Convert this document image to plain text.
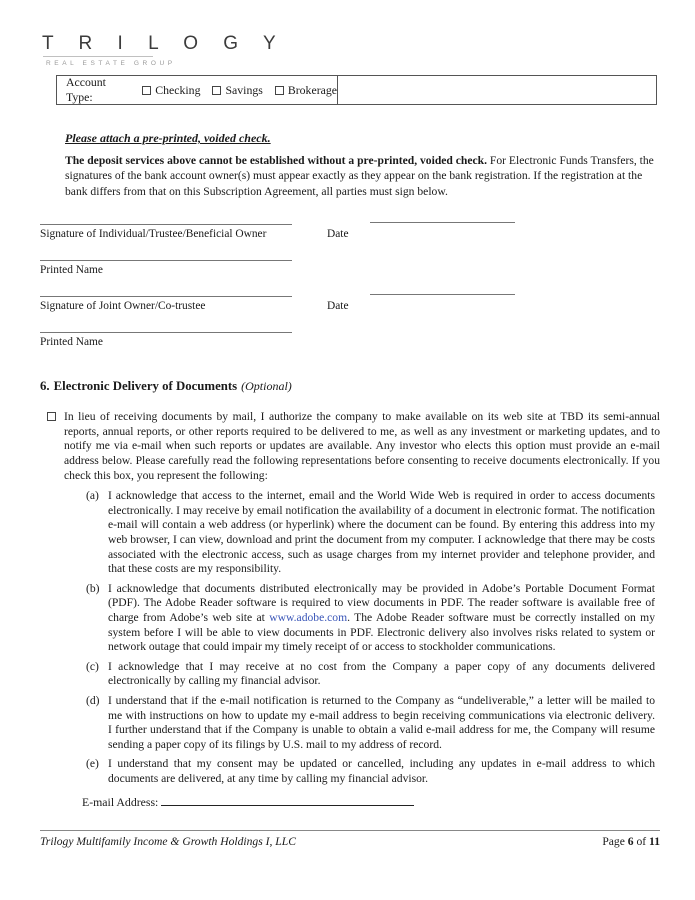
T R I L O G Y
REAL ESTATE GROUP
Account Type:
Checking	Savings	Brokerage
Please attach a pre-printed, voided check.
The deposit services above cannot be established without a pre-printed, voided check. For Electronic Funds Transfers, the signatures of the bank account owner(s) must appear exactly as they appear on the bank registration. If the registration at the bank differs from that on this Subscription Agreement, all parties must sign below.
Signature of Individual/Trustee/Beneficial Owner	Date
Printed Name
Signature of Joint Owner/Co-trustee	Date
Printed Name
6. Electronic Delivery of Documents (Optional)
In lieu of receiving documents by mail, I authorize the company to make available on its web site at TBD its semi-annual reports, annual reports, or other reports required to be delivered to me, as well as any investment or marketing updates, and to notify me via e-mail when such reports or updates are available. Any investor who elects this option must provide an e-mail address below. Please carefully read the following representations before consenting to receive documents electronically. If you check this box, you represent the following:
(a) I acknowledge that access to the internet, email and the World Wide Web is required in order to access documents electronically. I may receive by email notification the availability of a document in electronic format. The notification e-mail will contain a web address (or hyperlink) where the document can be found. By entering this address into my web browser, I can view, download and print the document from my computer. I acknowledge that there may be costs associated with the electronic access, such as usage charges from my internet provider and telephone provider, and that these costs are my responsibility.
(b) I acknowledge that documents distributed electronically may be provided in Adobe’s Portable Document Format (PDF). The Adobe Reader software is required to view documents in PDF. The reader software is available free of charge from Adobe’s web site at www.adobe.com. The Adobe Reader software must be correctly installed on my system before I will be able to view documents in PDF. Electronic delivery also involves risks related to system or network outage that could impair my timely receipt of or access to stockholder communications.
(c) I acknowledge that I may receive at no cost from the Company a paper copy of any documents delivered electronically by calling my financial advisor.
(d) I understand that if the e-mail notification is returned to the Company as “undeliverable,” a letter will be mailed to me with instructions on how to update my e-mail address to begin receiving communications via electronic delivery. I further understand that if the Company is unable to obtain a valid e-mail address for me, the Company will resume sending a paper copy of its filings by U.S. mail to my address of record.
(e) I understand that my consent may be updated or cancelled, including any updates in e-mail address to which documents are delivered, at any time by calling my financial advisor.
E-mail Address:
Trilogy Multifamily Income & Growth Holdings I, LLC	Page 6 of 11
